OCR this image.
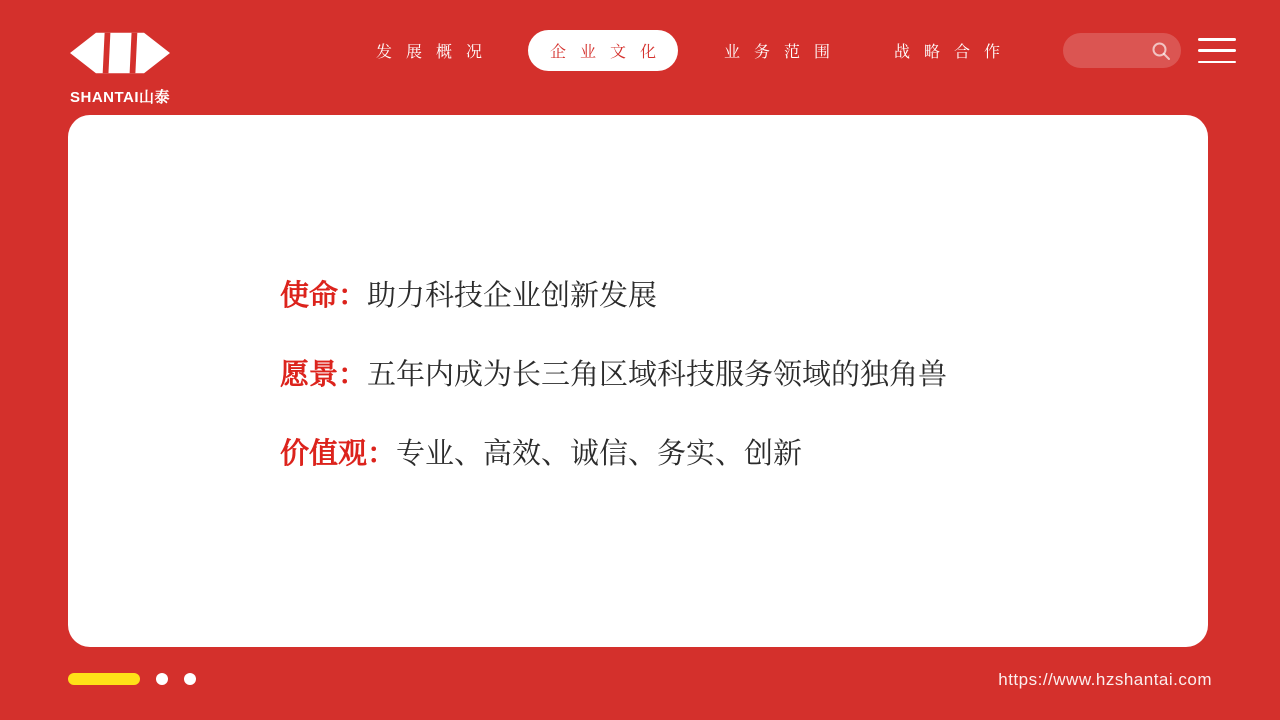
SHANTAI山泰
发展概况	企业文化	业务范围	战略合作
使命：助力科技企业创新发展
愿景：五年内成为长三角区域科技服务领域的独角兽
价值观：专业、高效、诚信、务实、创新
https://www.hzshantai.com
